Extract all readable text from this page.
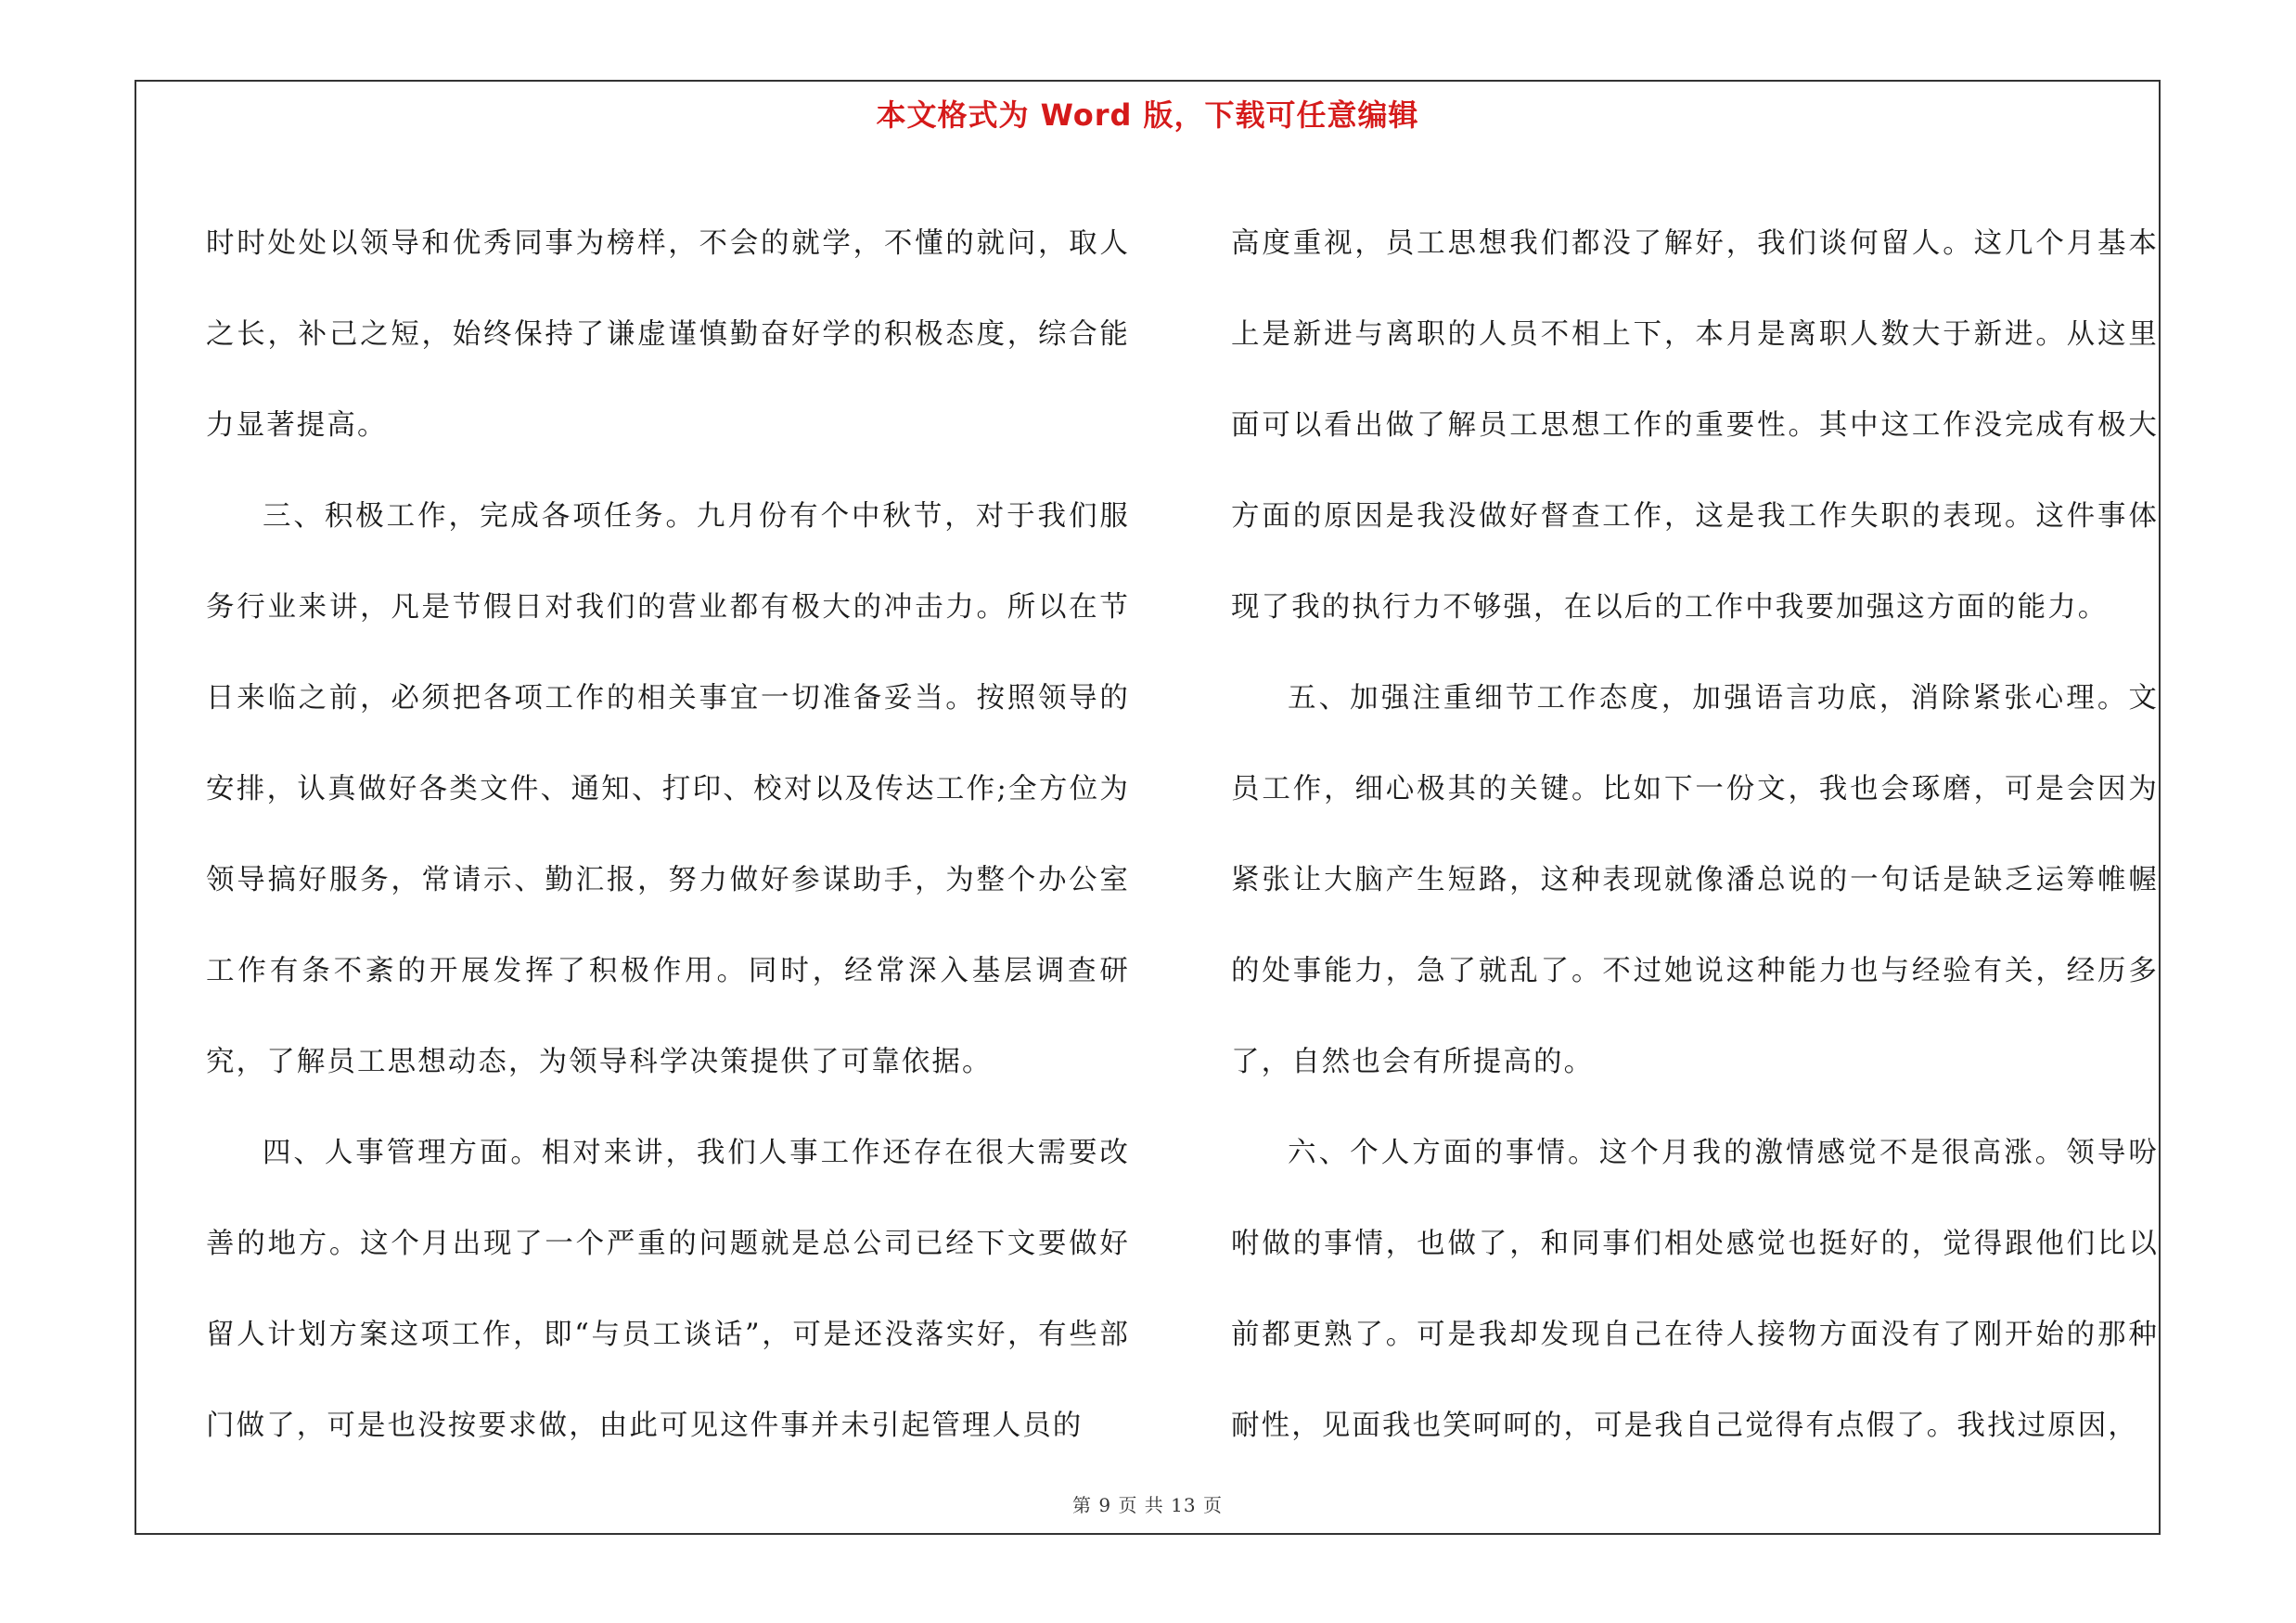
本文格式为 Word 版，下载可任意编辑

时时处处以领导和优秀同事为榜样，不会的就学，不懂的就问，取人之长，补己之短，始终保持了谦虚谨慎勤奋好学的积极态度，综合能力显著提高。

三、积极工作，完成各项任务。九月份有个中秋节，对于我们服务行业来讲，凡是节假日对我们的营业都有极大的冲击力。所以在节日来临之前，必须把各项工作的相关事宜一切准备妥当。按照领导的安排，认真做好各类文件、通知、打印、校对以及传达工作;全方位为领导搞好服务，常请示、勤汇报，努力做好参谋助手，为整个办公室工作有条不紊的开展发挥了积极作用。同时，经常深入基层调查研究，了解员工思想动态，为领导科学决策提供了可靠依据。

四、人事管理方面。相对来讲，我们人事工作还存在很大需要改善的地方。这个月出现了一个严重的问题就是总公司已经下文要做好留人计划方案这项工作，即“与员工谈话”，可是还没落实好，有些部门做了，可是也没按要求做，由此可见这件事并未引起管理人员的

高度重视，员工思想我们都没了解好，我们谈何留人。这几个月基本上是新进与离职的人员不相上下，本月是离职人数大于新进。从这里面可以看出做了解员工思想工作的重要性。其中这工作没完成有极大方面的原因是我没做好督查工作，这是我工作失职的表现。这件事体现了我的执行力不够强，在以后的工作中我要加强这方面的能力。

五、加强注重细节工作态度，加强语言功底，消除紧张心理。文员工作，细心极其的关键。比如下一份文，我也会琢磨，可是会因为紧张让大脑产生短路，这种表现就像潘总说的一句话是缺乏运筹帷幄的处事能力，急了就乱了。不过她说这种能力也与经验有关，经历多了，自然也会有所提高的。

六、个人方面的事情。这个月我的激情感觉不是很高涨。领导吩咐做的事情，也做了，和同事们相处感觉也挺好的，觉得跟他们比以前都更熟了。可是我却发现自己在待人接物方面没有了刚开始的那种耐性，见面我也笑呵呵的，可是我自己觉得有点假了。我找过原因，

第 9 页 共 13 页
